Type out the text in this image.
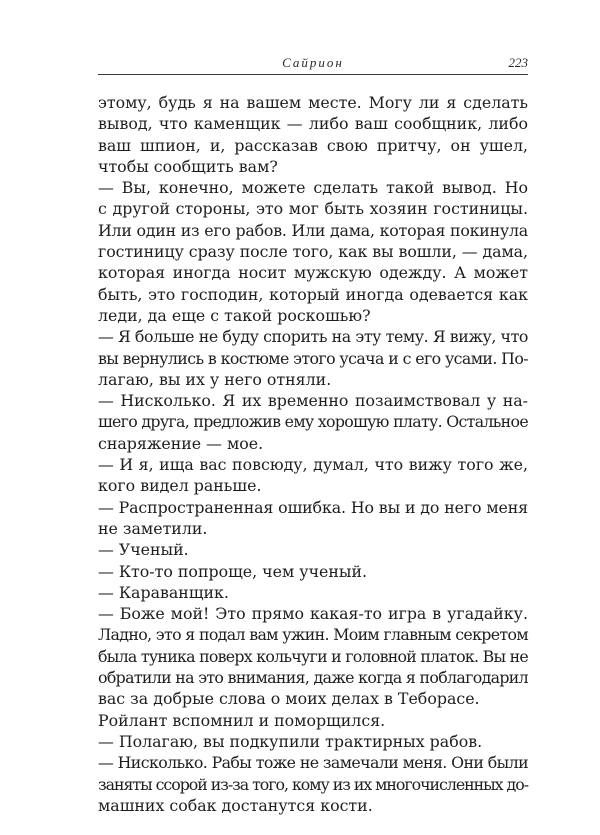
Сайрион	223
этому, будь я на вашем месте. Могу ли я сделать
вывод, что каменщик — либо ваш сообщник, либо
ваш шпион, и, рассказав свою притчу, он ушел,
чтобы сообщить вам?
— Вы, конечно, можете сделать такой вывод. Но
с другой стороны, это мог быть хозяин гостиницы.
Или один из его рабов. Или дама, которая покинула
гостиницу сразу после того, как вы вошли, — дама,
которая иногда носит мужскую одежду. А может
быть, это господин, который иногда одевается как
леди, да еще с такой роскошью?
— Я больше не буду спорить на эту тему. Я вижу, что
вы вернулись в костюме этого усача и с его усами. По-
лагаю, вы их у него отняли.
— Нисколько. Я их временно позаимствовал у на-
шего друга, предложив ему хорошую плату. Остальное
снаряжение — мое.
— И я, ища вас повсюду, думал, что вижу того же,
кого видел раньше.
— Распространенная ошибка. Но вы и до него меня
не заметили.
— Ученый.
— Кто-то попроще, чем ученый.
— Караванщик.
— Боже мой! Это прямо какая-то игра в угадайку.
Ладно, это я подал вам ужин. Моим главным секретом
была туника поверх кольчуги и головной платок. Вы не
обратили на это внимания, даже когда я поблагодарил
вас за добрые слова о моих делах в Теборасе.
Ройлант вспомнил и поморщился.
— Полагаю, вы подкупили трактирных рабов.
— Нисколько. Рабы тоже не замечали меня. Они были
заняты ссорой из-за того, кому из их многочисленных до-
машних собак достанутся кости.
